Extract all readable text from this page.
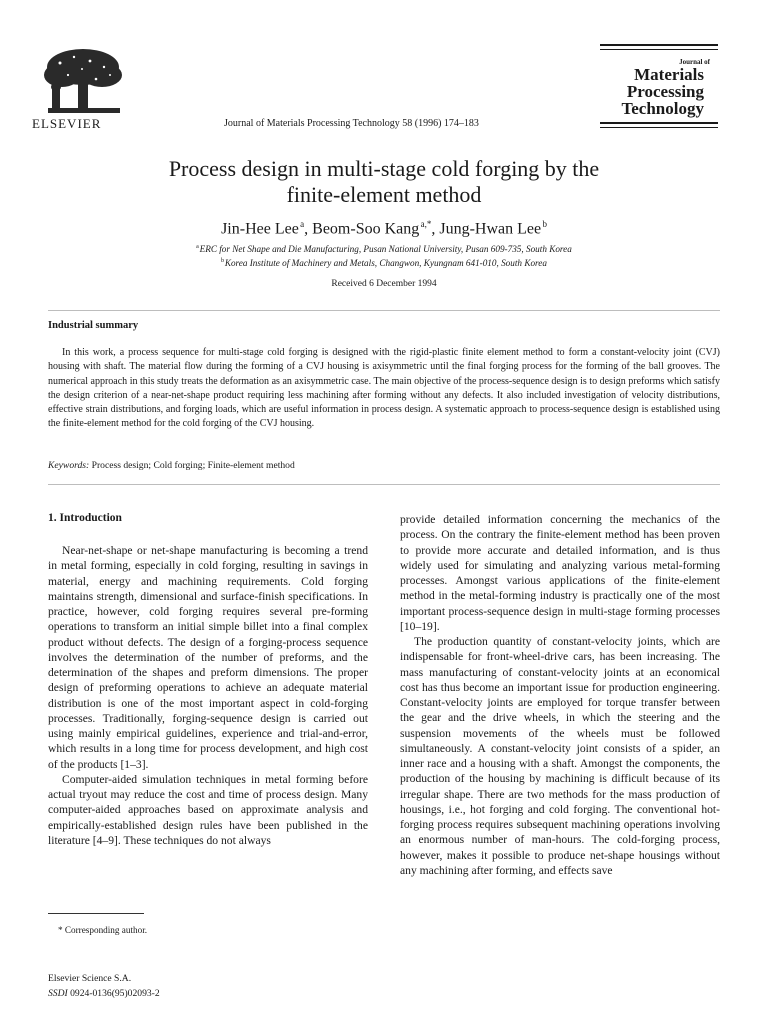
ELSEVIER	Journal of Materials Processing Technology 58 (1996) 174–183
Journal of
Materials
Processing
Technology
Process design in multi-stage cold forging by the
finite-element method
Jin-Hee Lee $^a$, Beom-Soo Kang $^{a,*}$, Jung-Hwan Lee $^b$
$^a$ ERC for Net Shape and Die Manufacturing, Pusan National University, Pusan 609-735, South Korea
$^b$ Korea Institute of Machinery and Metals, Changwon, Kyungnam 641-010, South Korea
Received 6 December 1994
Industrial summary
In this work, a process sequence for multi-stage cold forging is designed with the rigid-plastic finite element method to form a constant-velocity joint (CVJ) housing with shaft. The material flow during the forming of a CVJ housing is axisymmetric until the final forging process for the forming of the ball grooves. The numerical approach in this study treats the deformation as an axisymmetric case. The main objective of the process-sequence design is to design preforms which satisfy the design criterion of a near-net-shape product requiring less machining after forming without any defects. It also included investigation of velocity distributions, effective strain distributions, and forging loads, which are useful information in process design. A systematic approach to process-sequence design is established using the finite-element method for the cold forging of the CVJ housing.
Keywords: Process design; Cold forging; Finite-element method
1. Introduction

Near-net-shape or net-shape manufacturing is becoming a trend in metal forming, especially in cold forging, resulting in savings in material, energy and machining requirements. Cold forging maintains strength, dimensional and surface-finish specifications. In practice, however, cold forging requires several pre-forming operations to transform an initial simple billet into a final complex product without defects. The design of a forging-process sequence involves the determination of the number of preforms, and the determination of the shapes and preform dimensions. The proper design of preforming operations to achieve an adequate material distribution is one of the most important aspect in cold-forging processes. Traditionally, forging-sequence design is carried out using mainly empirical guidelines, experience and trial-and-error, which results in a long time for process development, and high cost of the products [1–3].

Computer-aided simulation techniques in metal forming before actual tryout may reduce the cost and time of process design. Many computer-aided approaches based on approximate analysis and empirically-established design rules have been published in the literature [4–9]. These techniques do not always

provide detailed information concerning the mechanics of the process. On the contrary the finite-element method has been proven to provide more accurate and detailed information, and is thus widely used for simulating and analyzing various metal-forming processes. Amongst various applications of the finite-element method in the metal-forming industry is practically one of the most important process-sequence design in multi-stage forming processes [10–19].

The production quantity of constant-velocity joints, which are indispensable for front-wheel-drive cars, has been increasing. The mass manufacturing of constant-velocity joints at an economical cost has thus become an important issue for production engineering. Constant-velocity joints are employed for torque transfer between the gear and the drive wheels, in which the steering and the suspension movements of the wheels must be followed simultaneously. A constant-velocity joint consists of a spider, an inner race and a housing with a shaft. Amongst the components, the production of the housing by machining is difficult because of its irregular shape. There are two methods for the mass production of housings, i.e., hot forging and cold forging. The conventional hot-forging process requires subsequent machining operations involving an enormous number of man-hours. The cold-forging process, however, makes it possible to produce net-shape housings without any machining after forming, and effects save

* Corresponding author.
Elsevier Science S.A.
SSDI 0924-0136(95)02093-2
